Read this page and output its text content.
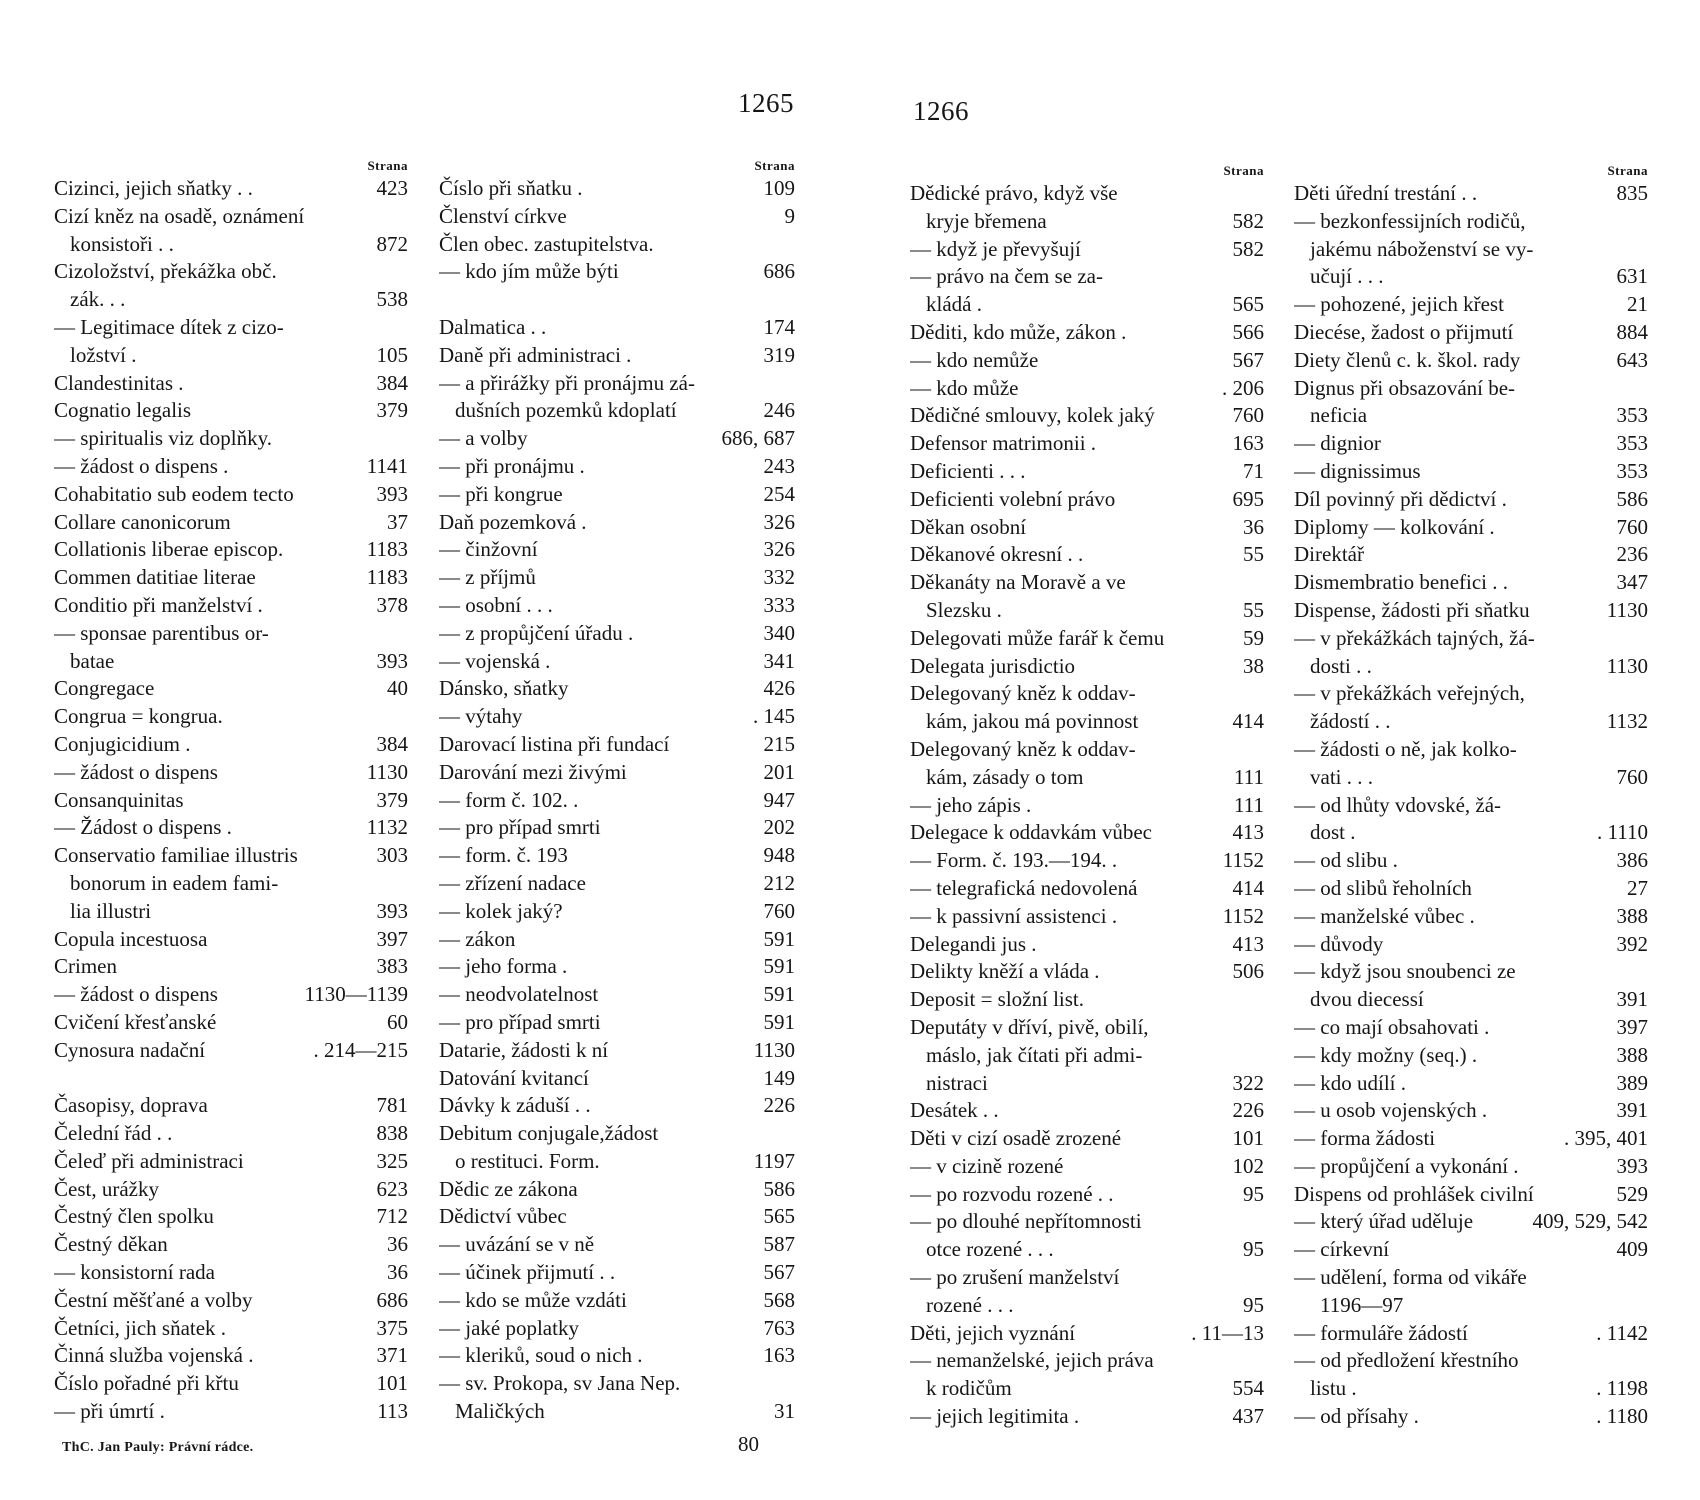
1265	1266
Strana
Cizinci, jejich sňatky . .	423
Cizí kněz na osadě, oznámení
konsistoři . .	872
Cizoložství, překážka obč.
zák. . .	538
— Legitimace dítek z cizo-
ložství .	105
Clandestinitas .	384
Cognatio legalis	379
— spiritualis viz doplňky.
— žádost o dispens .	1141
Cohabitatio sub eodem tecto	393
Collare canonicorum	37
Collationis liberae episcop.	1183
Commen datitiae literae	1183
Conditio při manželství .	378
— sponsae parentibus or-
batae	393
Congregace	40
Congrua = kongrua.
Conjugicidium .	384
— žádost o dispens	1130
Consanquinitas	379
— Žádost o dispens .	1132
Conservatio familiae illustris	303
bonorum in eadem fami-
lia illustri	393
Copula incestuosa	397
Crimen	383
— žádost o dispens	1130—1139
Cvičení křesťanské	60
Cynosura nadační	. 214—215
Časopisy, doprava	781
Čelední řád . .	838
Čeleď při administraci	325
Čest, urážky	623
Čestný člen spolku	712
Čestný děkan	36
— konsistorní rada	36
Čestní měšťané a volby	686
Četníci, jich sňatek .	375
Činná služba vojenská .	371
Číslo pořadné při křtu	101
— při úmrtí .	113
Strana
Číslo při sňatku .	109
Členství církve	9
Člen obec. zastupitelstva.
— kdo jím může býti	686
Dalmatica . .	174
Daně při administraci .	319
— a přirážky při pronájmu zá-
dušních pozemků kdoplatí	246
— a volby	686, 687
— při pronájmu .	243
— při kongrue	254
Daň pozemková .	326
— činžovní	326
— z příjmů	332
— osobní . . .	333
— z propůjčení úřadu .	340
— vojenská .	341
Dánsko, sňatky	426
— výtahy	. 145
Darovací listina při fundací	215
Darování mezi živými	201
— form č. 102. .	947
— pro případ smrti	202
— form. č. 193	948
— zřízení nadace	212
— kolek jaký?	760
— zákon	591
— jeho forma .	591
— neodvolatelnost	591
— pro případ smrti	591
Datarie, žádosti k ní	1130
Datování kvitancí	149
Dávky k záduší . .	226
Debitum conjugale,žádost
o restituci. Form.	1197
Dědic ze zákona	586
Dědictví vůbec	565
— uvázání se v ně	587
— účinek přijmutí . .	567
— kdo se může vzdáti	568
— jaké poplatky	763
— kleriků, soud o nich .	163
— sv. Prokopa, sv Jana Nep.
Maličkých	31
Strana
Dědické právo, když vše
kryje břemena	582
— když je převyšují	582
— právo na čem se za-
kládá .	565
Děditi, kdo může, zákon .	566
— kdo nemůže	567
— kdo může	. 206
Dědičné smlouvy, kolek jaký	760
Defensor matrimonii .	163
Deficienti . . .	71
Deficienti volební právo	695
Děkan osobní	36
Děkanové okresní . .	55
Děkanáty na Moravě a ve
Slezsku .	55
Delegovati může farář k čemu	59
Delegata jurisdictio	38
Delegovaný kněz k oddav-
kám, jakou má povinnost	414
Delegovaný kněz k oddav-
kám, zásady o tom	111
— jeho zápis .	111
Delegace k oddavkám vůbec	413
— Form. č. 193.—194. .	1152
— telegrafická nedovolená	414
— k passivní assistenci .	1152
Delegandi jus .	413
Delikty kněží a vláda .	506
Deposit = složní list.
Deputáty v dříví, pivě, obilí,
máslo, jak čítati při admi-
nistraci	322
Desátek . .	226
Děti v cizí osadě zrozené	101
— v cizině rozené	102
— po rozvodu rozené . .	95
— po dlouhé nepřítomnosti
otce rozené . . .	95
— po zrušení manželství
rozené . . .	95
Děti, jejich vyznání	. 11—13
— nemanželské, jejich práva
k rodičům	554
— jejich legitimita .	437
Strana
Děti úřední trestání . .	835
— bezkonfessijních rodičů,
jakému náboženství se vy-
učují . . .	631
— pohozené, jejich křest	21
Diecése, žadost o přijmutí	884
Diety členů c. k. škol. rady	643
Dignus při obsazování be-
neficia	353
— dignior	353
— dignissimus	353
Díl povinný při dědictví .	586
Diplomy — kolkování .	760
Direktář	236
Dismembratio benefici . .	347
Dispense, žádosti při sňatku	1130
— v překážkách tajných, žá-
dosti . .	1130
— v překážkách veřejných,
žádostí . .	1132
— žádosti o ně, jak kolko-
vati . . .	760
— od lhůty vdovské, žá-
dost .	. 1110
— od slibu .	386
— od slibů řeholních	27
— manželské vůbec .	388
— důvody	392
— když jsou snoubenci ze
dvou diecessí	391
— co mají obsahovati .	397
— kdy možny (seq.) .	388
— kdo udílí .	389
— u osob vojenských .	391
— forma žádosti	. 395, 401
— propůjčení a vykonání .	393
Dispens od prohlášek civilní	529
— který úřad uděluje	409, 529, 542
— církevní	409
— udělení, forma od vikáře
1196—97
— formuláře žádostí	. 1142
— od předložení křestního
listu .	. 1198
— od přísahy .	. 1180
ThC. Jan Pauly: Právní rádce.	80
